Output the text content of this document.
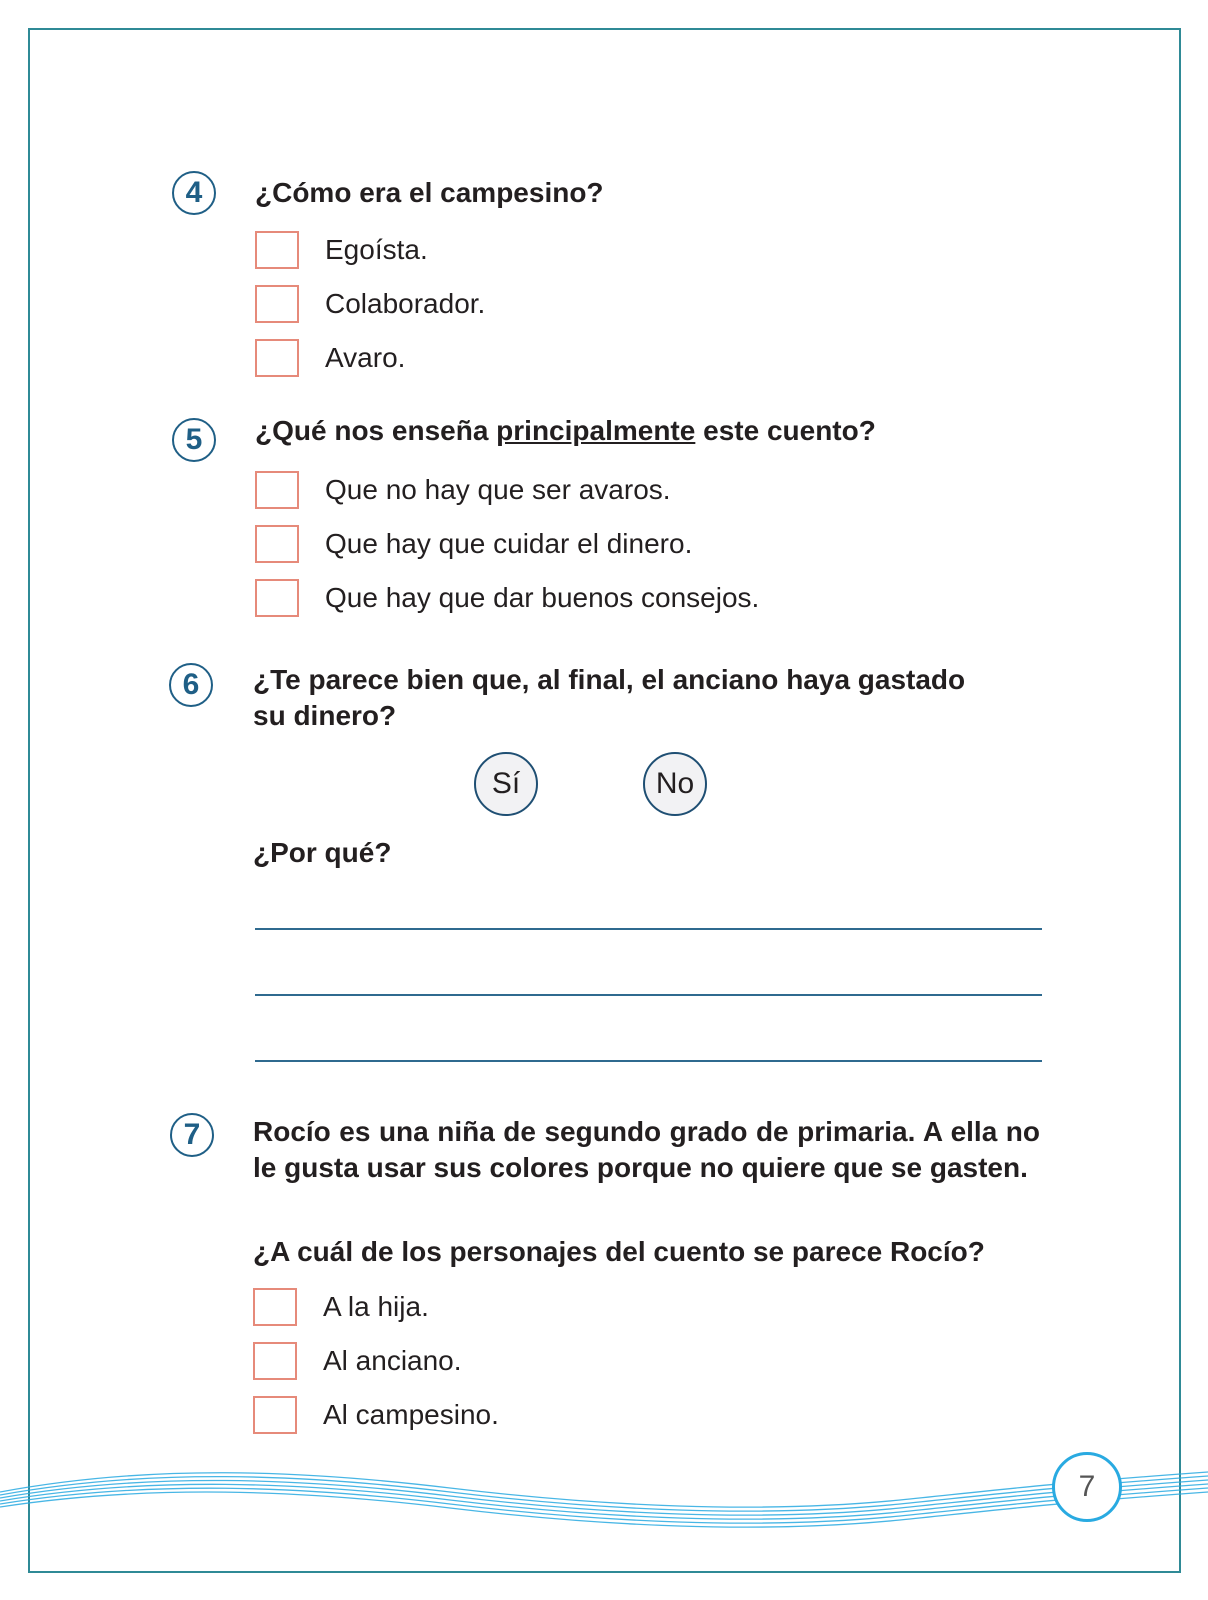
4	¿Cómo era el campesino?
Egoísta.
Colaborador.
Avaro.
5	¿Qué nos enseña principalmente este cuento?
Que no hay que ser avaros.
Que hay que cuidar el dinero.
Que hay que dar buenos consejos.
6	¿Te parece bien que, al final, el anciano haya gastado
su dinero?
Sí	No
¿Por qué?
7	Rocío es una niña de segundo grado de primaria. A ella no le gusta usar sus colores porque no quiere que se gasten.
¿A cuál de los personajes del cuento se parece Rocío?
A la hija.
Al anciano.
Al campesino.
7
